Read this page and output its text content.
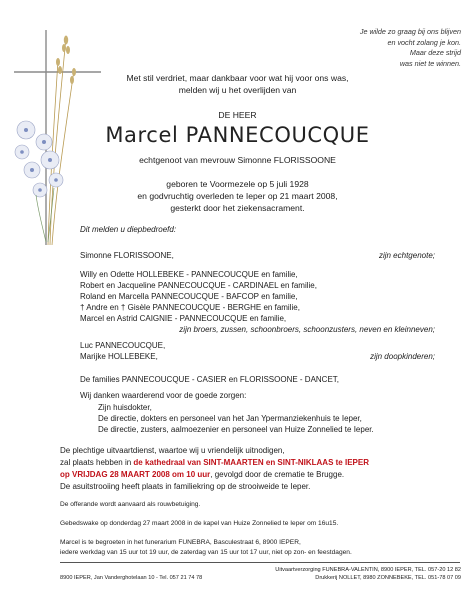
Je wilde zo graag bij ons blijven
en vocht zolang je kon.
Maar deze strijd
was niet te winnen.
Met stil verdriet, maar dankbaar voor wat hij voor ons was,
melden wij u het overlijden van
DE HEER
Marcel PANNECOUCQUE
echtgenoot van mevrouw Simonne FLORISSOONE
geboren te Voormezele op 5 juli 1928
en godvruchtig overleden te Ieper op 21 maart 2008,
gesterkt door het ziekensacrament.
Dit melden u diepbedroefd:
Simonne FLORISSOONE,	zijn echtgenote;
Willy en Odette HOLLEBEKE - PANNECOUCQUE en familie,
Robert en Jacqueline PANNECOUCQUE - CARDINAEL en familie,
Roland en Marcella PANNECOUCQUE - BAFCOP en familie,
† Andre en † Gisèle PANNECOUCQUE - BERGHE en familie,
Marcel en Astrid CAIGNIE - PANNECOUCQUE en familie,
zijn broers, zussen, schoonbroers, schoonzusters, neven en kleinneven;
Luc PANNECOUCQUE,
Marijke HOLLEBEKE,	zijn doopkinderen;
De families PANNECOUCQUE - CASIER en FLORISSOONE - DANCET,
Wij danken waarderend voor de goede zorgen:
Zijn huisdokter,
De directie, dokters en personeel van het Jan Ypermanziekenhuis te Ieper,
De directie, zusters, aalmoezenier en personeel van Huize Zonnelied te Ieper.
De plechtige uitvaartdienst, waartoe wij u vriendelijk uitnodigen,
zal plaats hebben in de kathedraal van SINT-MAARTEN en SINT-NIKLAAS te IEPER
op VRIJDAG 28 MAART 2008 om 10 uur, gevolgd door de crematie te Brugge.
De asuitstrooiing heeft plaats in familiekring op de strooiweide te Ieper.
De offerande wordt aanvaard als rouwbetuiging.
Gebedswake op donderdag 27 maart 2008 in de kapel van Huize Zonnelied te Ieper om 16u15.
Marcel is te begroeten in het funerarium FUNEBRA, Basculestraat 6, 8900 IEPER,
iedere werkdag van 15 uur tot 19 uur, de zaterdag van 15 uur tot 17 uur, niet op zon- en feestdagen.
8900 IEPER, Jan Vanderghotelaan 10 - Tel. 057 21 74 78
Uitvaartverzorging FUNEBRA-VALENTIN, 8900 IEPER, TEL. 057-20 12 82
Drukkerij NOLLET, 8980 ZONNEBEKE, TEL. 051-78 07 09
